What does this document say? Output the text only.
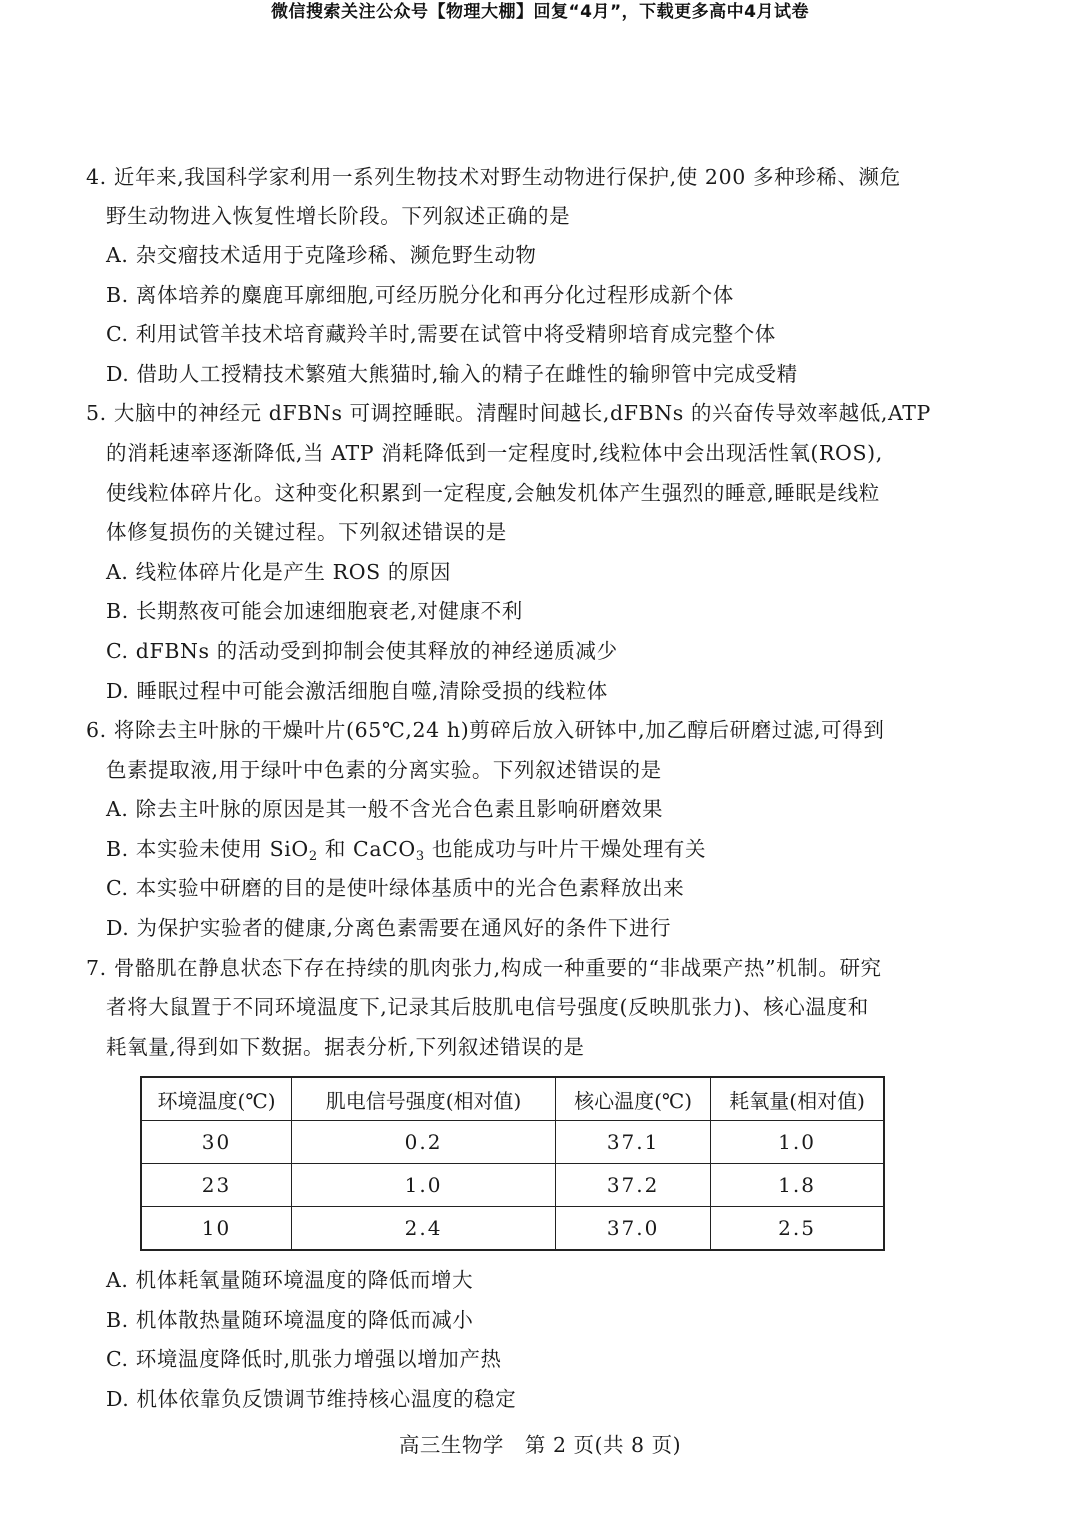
微信搜索关注公众号【物理大棚】回复“4月”，下载更多高中4月试卷
4. 近年来,我国科学家利用一系列生物技术对野生动物进行保护,使 200 多种珍稀、濒危
野生动物进入恢复性增长阶段。下列叙述正确的是
A. 杂交瘤技术适用于克隆珍稀、濒危野生动物
B. 离体培养的麋鹿耳廓细胞,可经历脱分化和再分化过程形成新个体
C. 利用试管羊技术培育藏羚羊时,需要在试管中将受精卵培育成完整个体
D. 借助人工授精技术繁殖大熊猫时,输入的精子在雌性的输卵管中完成受精
5. 大脑中的神经元 dFBNs 可调控睡眠。清醒时间越长,dFBNs 的兴奋传导效率越低,ATP
的消耗速率逐渐降低,当 ATP 消耗降低到一定程度时,线粒体中会出现活性氧(ROS),
使线粒体碎片化。这种变化积累到一定程度,会触发机体产生强烈的睡意,睡眠是线粒
体修复损伤的关键过程。下列叙述错误的是
A. 线粒体碎片化是产生 ROS 的原因
B. 长期熬夜可能会加速细胞衰老,对健康不利
C. dFBNs 的活动受到抑制会使其释放的神经递质减少
D. 睡眠过程中可能会激活细胞自噬,清除受损的线粒体
6. 将除去主叶脉的干燥叶片(65℃,24 h)剪碎后放入研钵中,加乙醇后研磨过滤,可得到
色素提取液,用于绿叶中色素的分离实验。下列叙述错误的是
A. 除去主叶脉的原因是其一般不含光合色素且影响研磨效果
B. 本实验未使用 SiO$_2$ 和 CaCO$_3$ 也能成功与叶片干燥处理有关
C. 本实验中研磨的目的是使叶绿体基质中的光合色素释放出来
D. 为保护实验者的健康,分离色素需要在通风好的条件下进行
7. 骨骼肌在静息状态下存在持续的肌肉张力,构成一种重要的“非战栗产热”机制。研究
者将大鼠置于不同环境温度下,记录其后肢肌电信号强度(反映肌张力)、核心温度和
耗氧量,得到如下数据。据表分析,下列叙述错误的是
环境温度(℃)	肌电信号强度(相对值)	核心温度(℃)	耗氧量(相对值)
30	0.2	37.1	1.0
23	1.0	37.2	1.8
10	2.4	37.0	2.5
A. 机体耗氧量随环境温度的降低而增大
B. 机体散热量随环境温度的降低而减小
C. 环境温度降低时,肌张力增强以增加产热
D. 机体依靠负反馈调节维持核心温度的稳定
高三生物学　第 2 页(共 8 页)
